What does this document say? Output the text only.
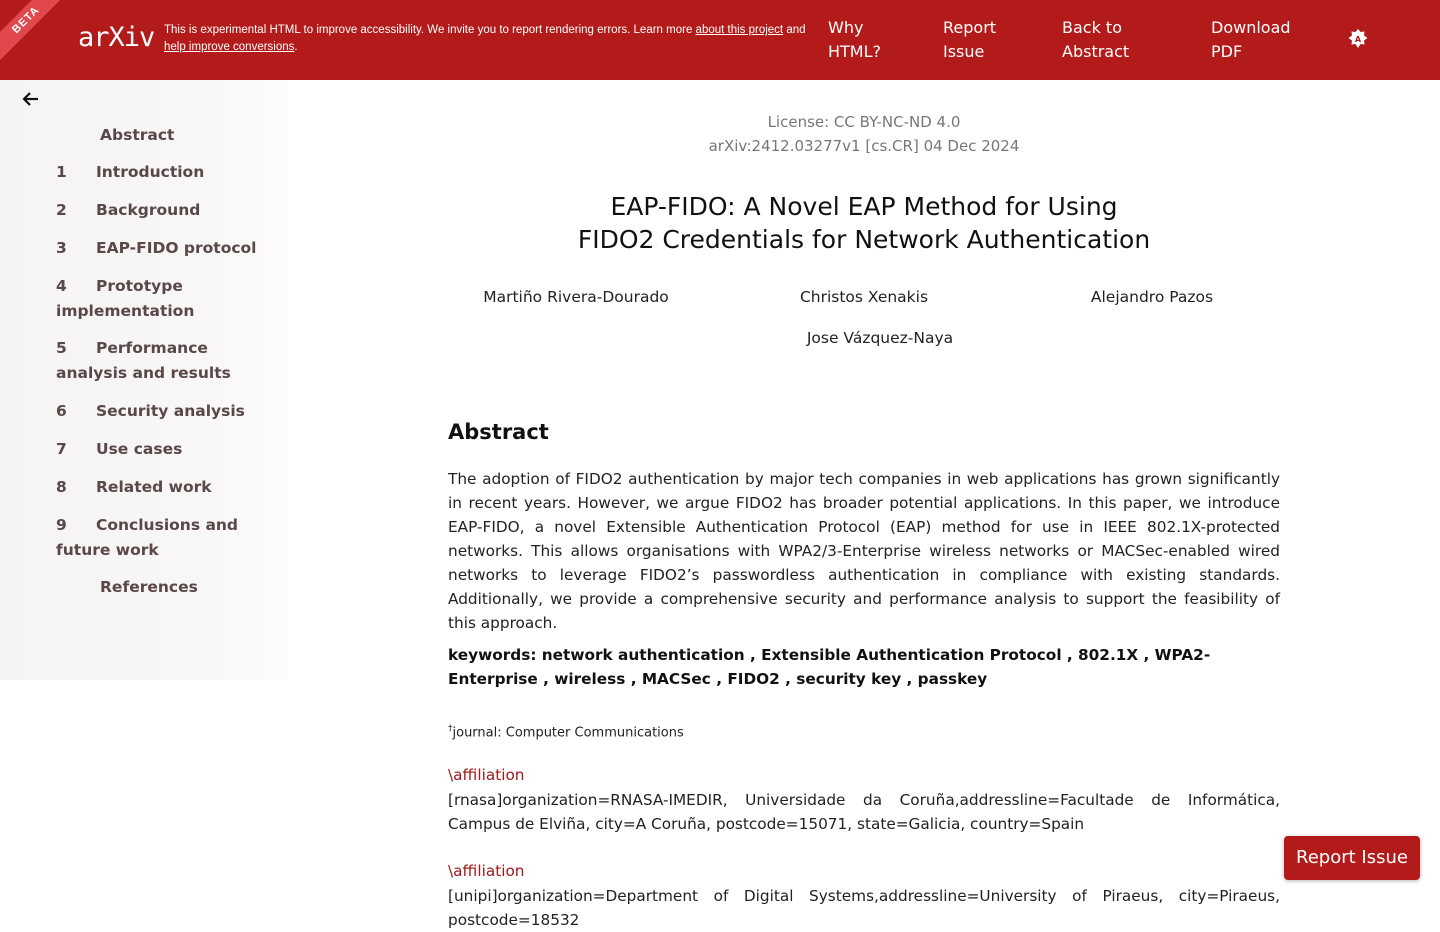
BETA
arXiv This is experimental HTML to improve accessibility. We invite you to report rendering errors. Learn more about this project and
help improve conversions.
Why HTML?
Report Issue
Back to Abstract
Download PDF
A
Abstract
1 Introduction
2 Background
3 EAP-FIDO protocol
4 Prototype implementation
5 Performance analysis and results
6 Security analysis
7 Use cases
8 Related work
9 Conclusions and future work
References
License: CC BY-NC-ND 4.0
arXiv:2412.03277v1 [cs.CR] 04 Dec 2024
EAP-FIDO: A Novel EAP Method for Using
FIDO2 Credentials for Network Authentication
Martiño Rivera-Dourado	Christos Xenakis	Alejandro Pazos
Jose Vázquez-Naya
Abstract
The adoption of FIDO2 authentication by major tech companies in web applications has grown significantly in recent years. However, we argue FIDO2 has broader potential applications. In this paper, we introduce EAP-FIDO, a novel Extensible Authentication Protocol (EAP) method for use in IEEE 802.1X-protected networks. This allows organisations with WPA2/3-Enterprise wireless networks or MACSec-enabled wired networks to leverage FIDO2’s passwordless authentication in compliance with existing standards. Additionally, we provide a comprehensive security and performance analysis to support the feasibility of this approach.
keywords: network authentication , Extensible Authentication Protocol , 802.1X , WPA2-Enterprise , wireless , MACSec , FIDO2 , security key , passkey
†journal: Computer Communications
\affiliation
[rnasa]organization=RNASA-IMEDIR, Universidade da Coruña,addressline=Facultade de Informática, Campus de Elviña, city=A Coruña, postcode=15071, state=Galicia, country=Spain
\affiliation
[unipi]organization=Department of Digital Systems,addressline=University of Piraeus, city=Piraeus, postcode=18532
Report Issue
